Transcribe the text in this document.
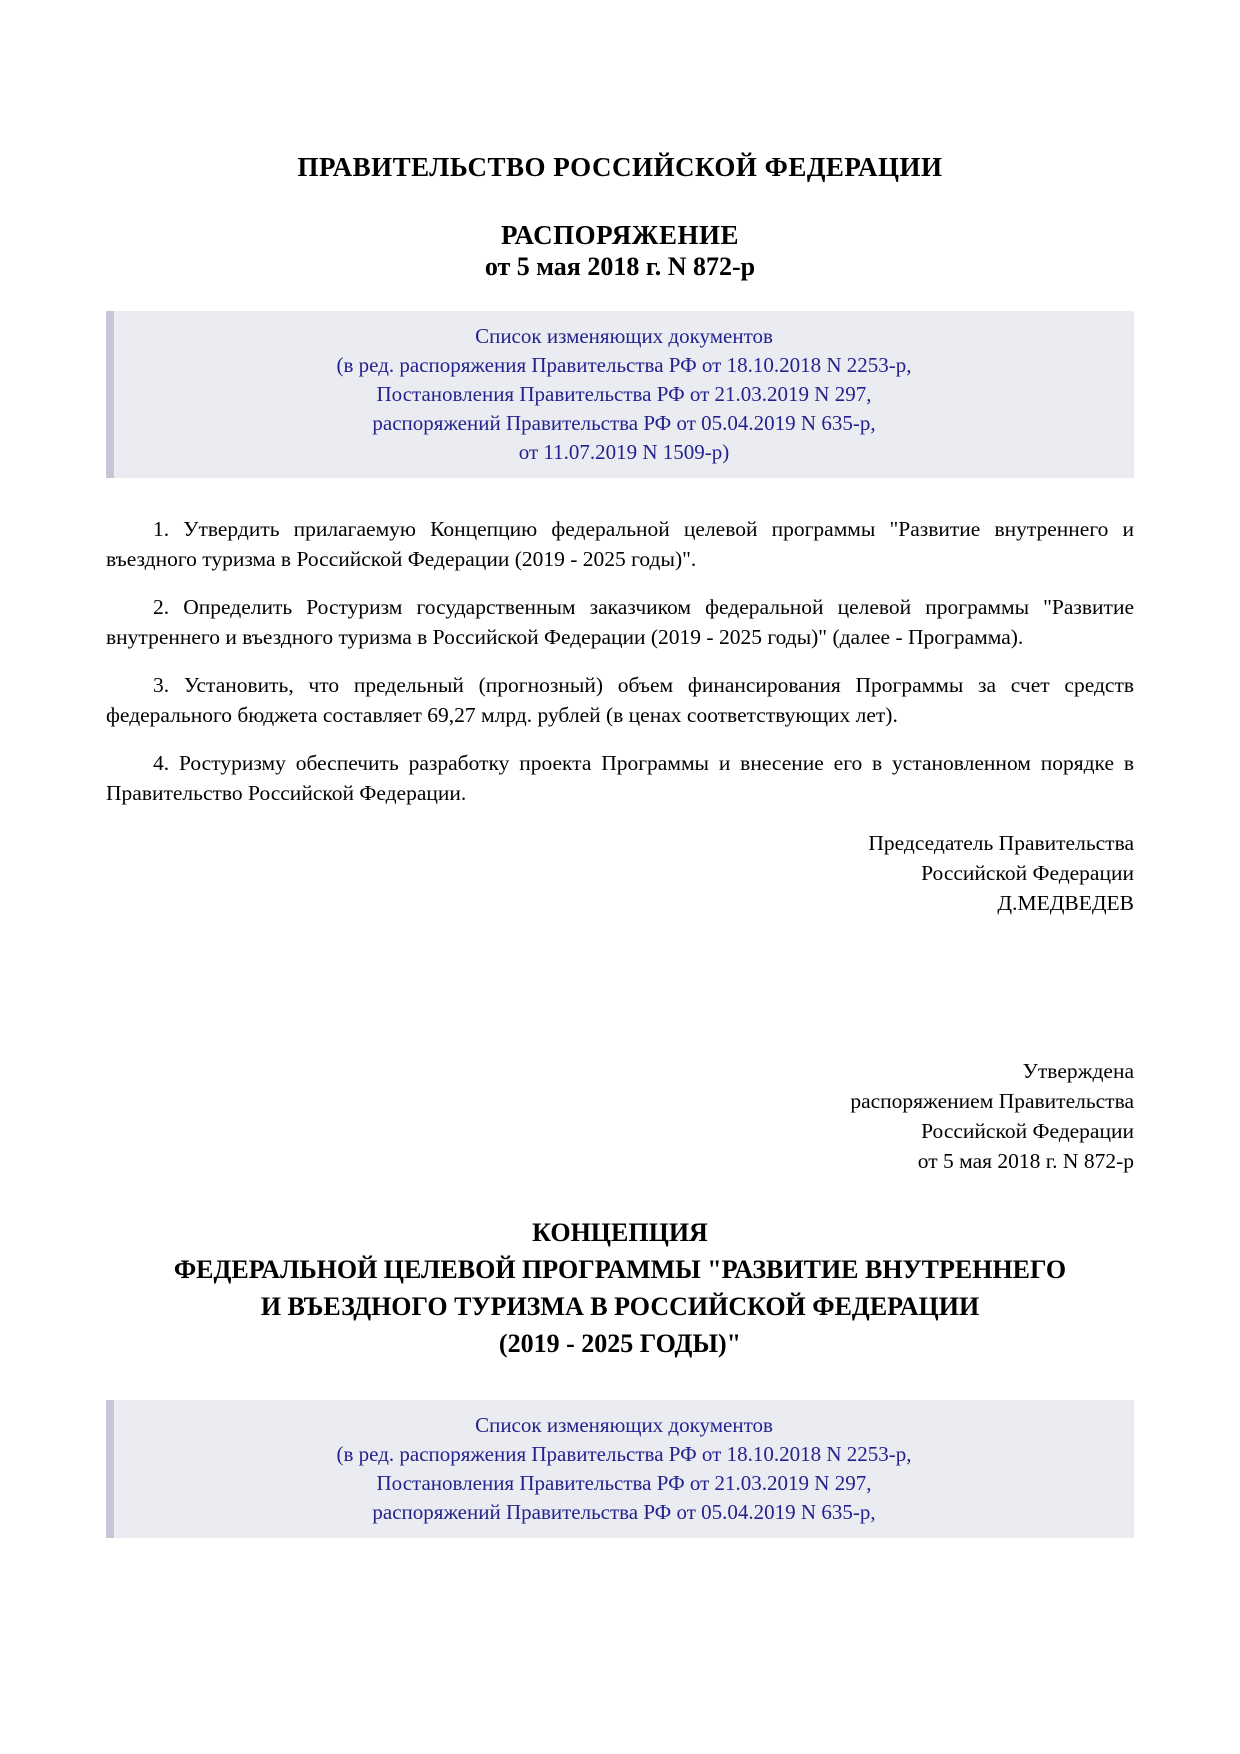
ПРАВИТЕЛЬСТВО РОССИЙСКОЙ ФЕДЕРАЦИИ
РАСПОРЯЖЕНИЕ
от 5 мая 2018 г. N 872-р

Список изменяющих документов

(в ред. распоряжения Правительства РФ от 18.10.2018 N 2253-р,

Постановления Правительства РФ от 21.03.2019 N 297,

распоряжений Правительства РФ от 05.04.2019 N 635-р,

от 11.07.2019 N 1509-р)

1. Утвердить прилагаемую Концепцию федеральной целевой программы "Развитие внутреннего и въездного туризма в Российской Федерации (2019 - 2025 годы)".

2. Определить Ростуризм государственным заказчиком федеральной целевой программы "Развитие внутреннего и въездного туризма в Российской Федерации (2019 - 2025 годы)" (далее - Программа).

3. Установить, что предельный (прогнозный) объем финансирования Программы за счет средств федерального бюджета составляет 69,27 млрд. рублей (в ценах соответствующих лет).

4. Ростуризму обеспечить разработку проекта Программы и внесение его в установленном порядке в Правительство Российской Федерации.

Председатель Правительства

Российской Федерации

Д.МЕДВЕДЕВ

Утверждена

распоряжением Правительства

Российской Федерации

от 5 мая 2018 г. N 872-р

КОНЦЕПЦИЯ

ФЕДЕРАЛЬНОЙ ЦЕЛЕВОЙ ПРОГРАММЫ "РАЗВИТИЕ ВНУТРЕННЕГО

И ВЪЕЗДНОГО ТУРИЗМА В РОССИЙСКОЙ ФЕДЕРАЦИИ

(2019 - 2025 ГОДЫ)"

Список изменяющих документов

(в ред. распоряжения Правительства РФ от 18.10.2018 N 2253-р,

Постановления Правительства РФ от 21.03.2019 N 297,

распоряжений Правительства РФ от 05.04.2019 N 635-р,
